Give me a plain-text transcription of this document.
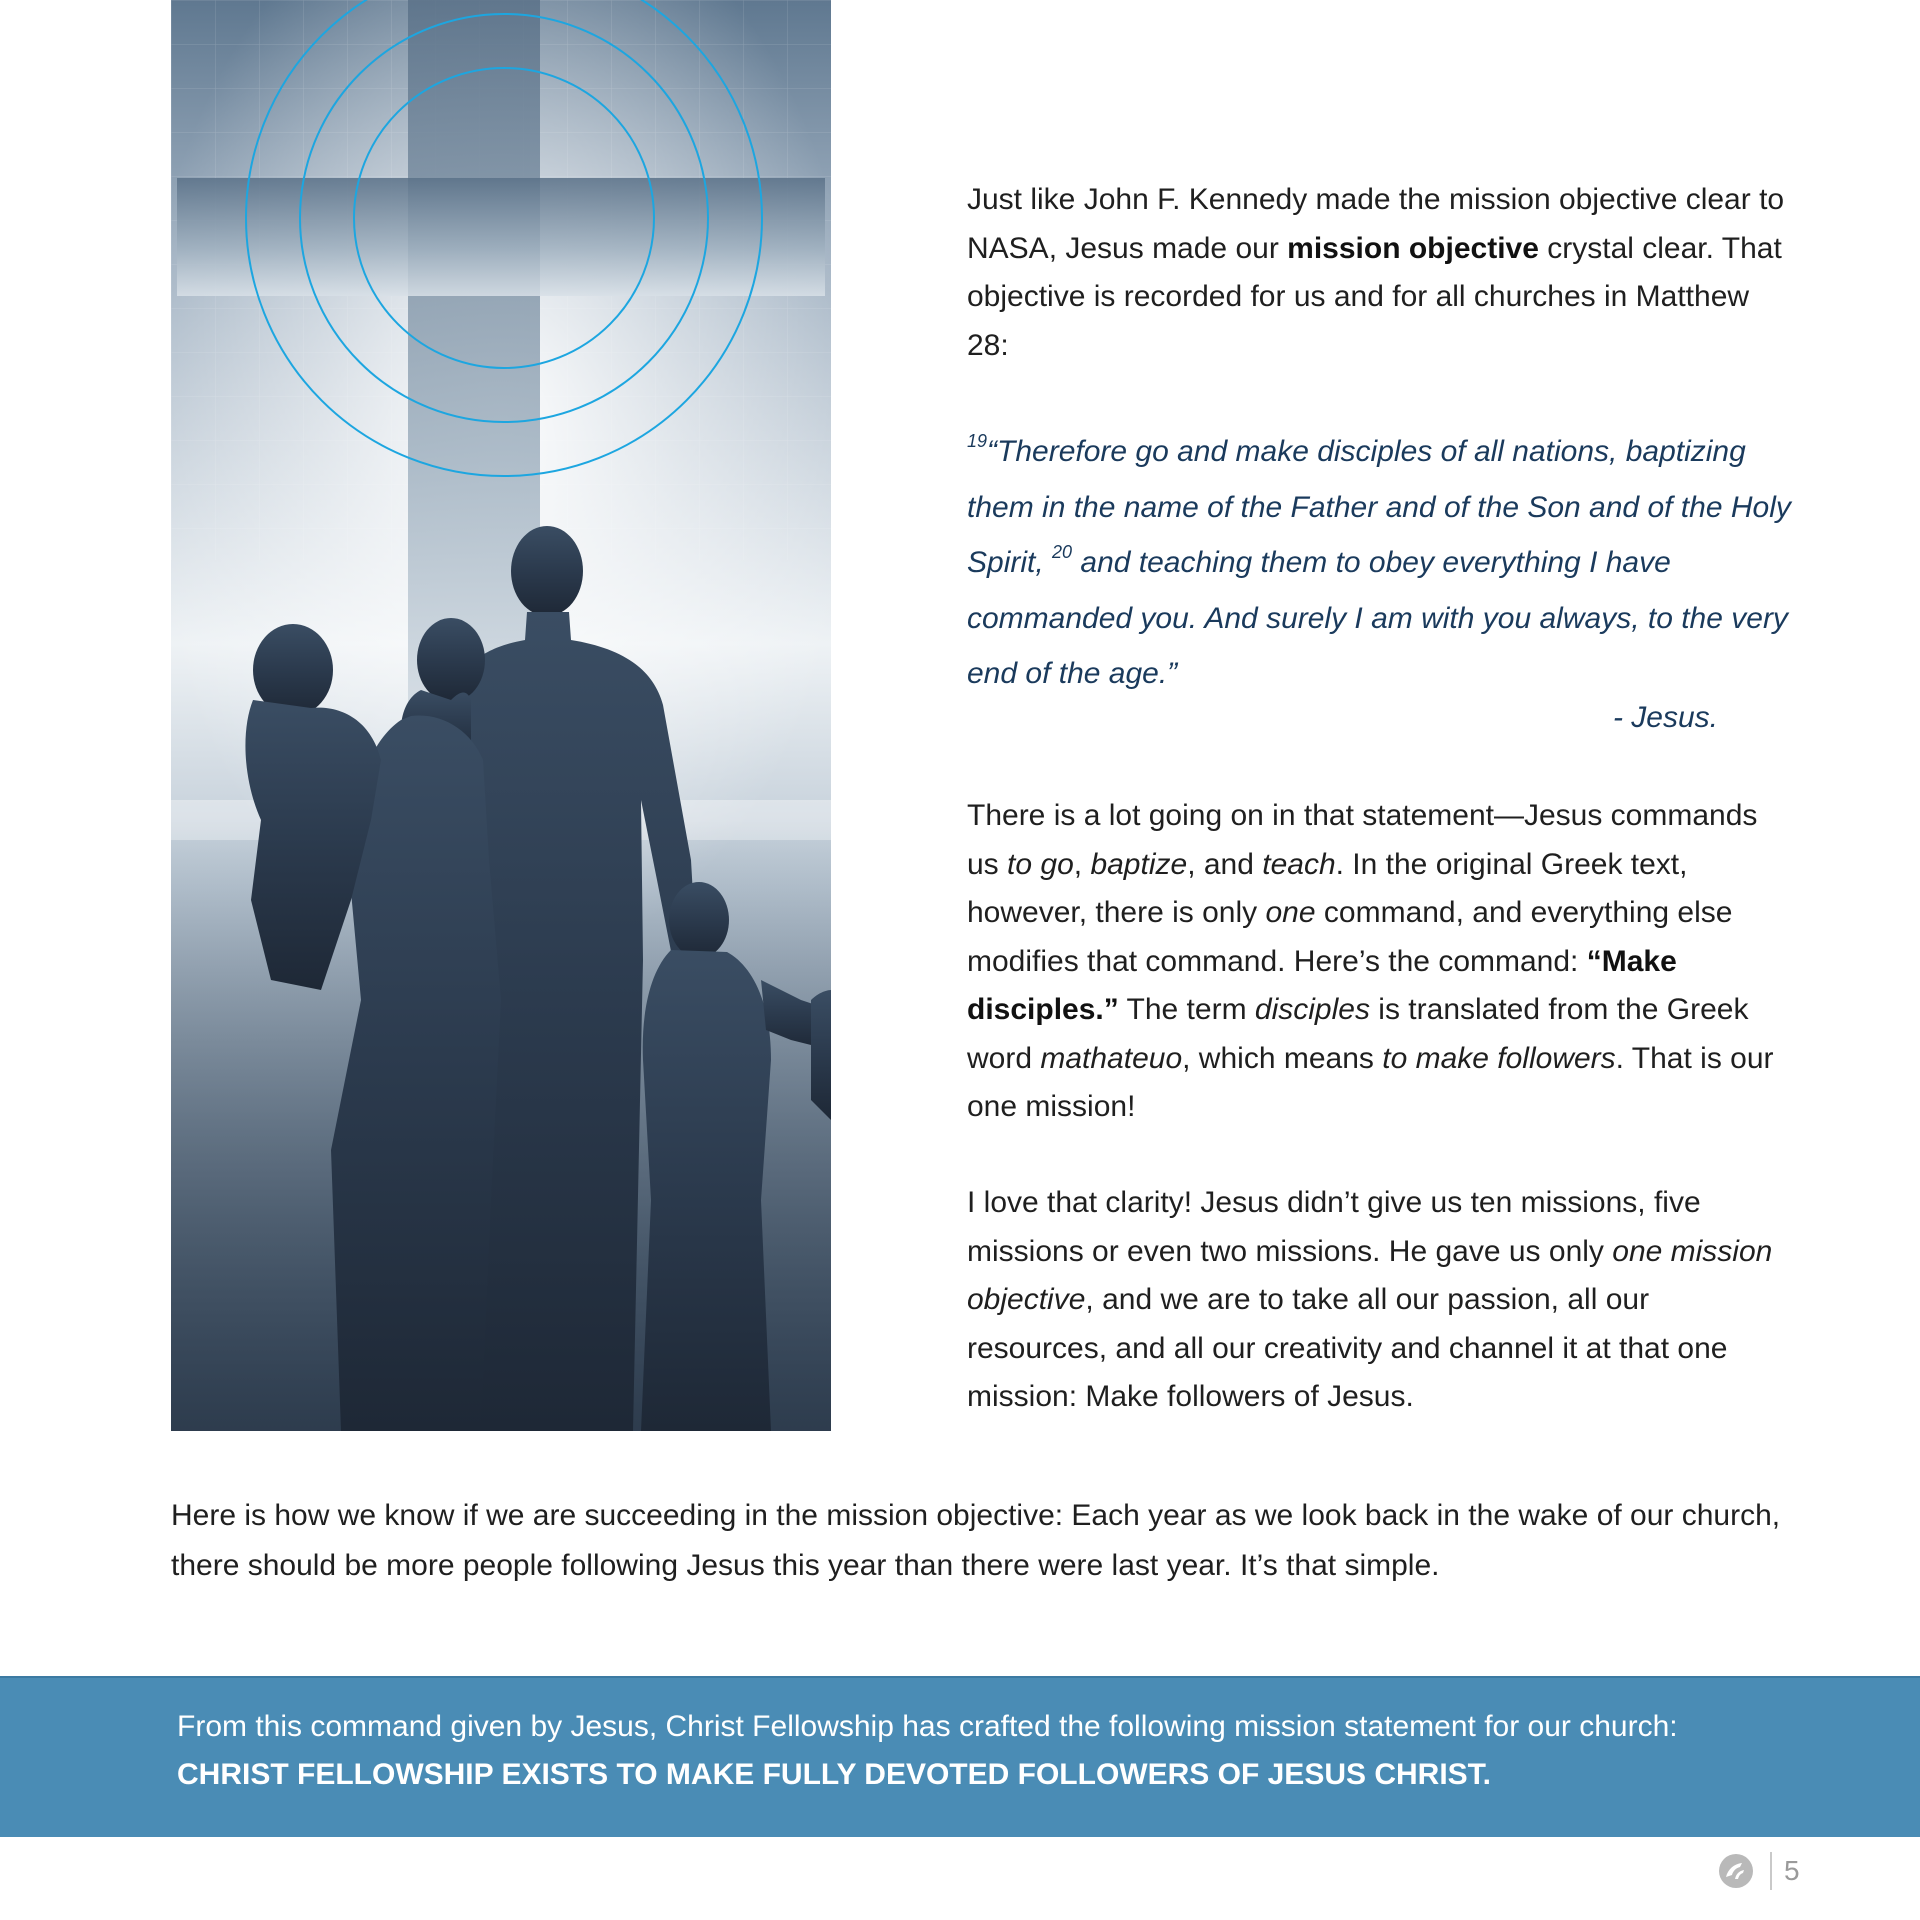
Just like John F. Kennedy made the mission objective clear to NASA, Jesus made our mission objective crystal clear. That objective is recorded for us and for all churches in Matthew 28:

$^{19}$“Therefore go and make disciples of all nations, baptizing them in the name of the Father and of the Son and of the Holy Spirit, $^{20}$ and teaching them to obey everything I have commanded you. And surely I am with you always, to the very end of the age.”

- Jesus.

There is a lot going on in that statement—Jesus commands us to go, baptize, and teach. In the original Greek text, however, there is only one command, and everything else modifies that command. Here’s the command: “Make disciples.” The term disciples is translated from the Greek word mathateuo, which means to make followers. That is our one mission!

I love that clarity! Jesus didn’t give us ten missions, five missions or even two missions. He gave us only one mission objective, and we are to take all our passion, all our resources, and all our creativity and channel it at that one mission: Make followers of Jesus.

Here is how we know if we are succeeding in the mission objective: Each year as we look back in the wake of our church, there should be more people following Jesus this year than there were last year. It’s that simple.

From this command given by Jesus, Christ Fellowship has crafted the following mission statement for our church: CHRIST FELLOWSHIP EXISTS TO MAKE FULLY DEVOTED FOLLOWERS OF JESUS CHRIST.

5
